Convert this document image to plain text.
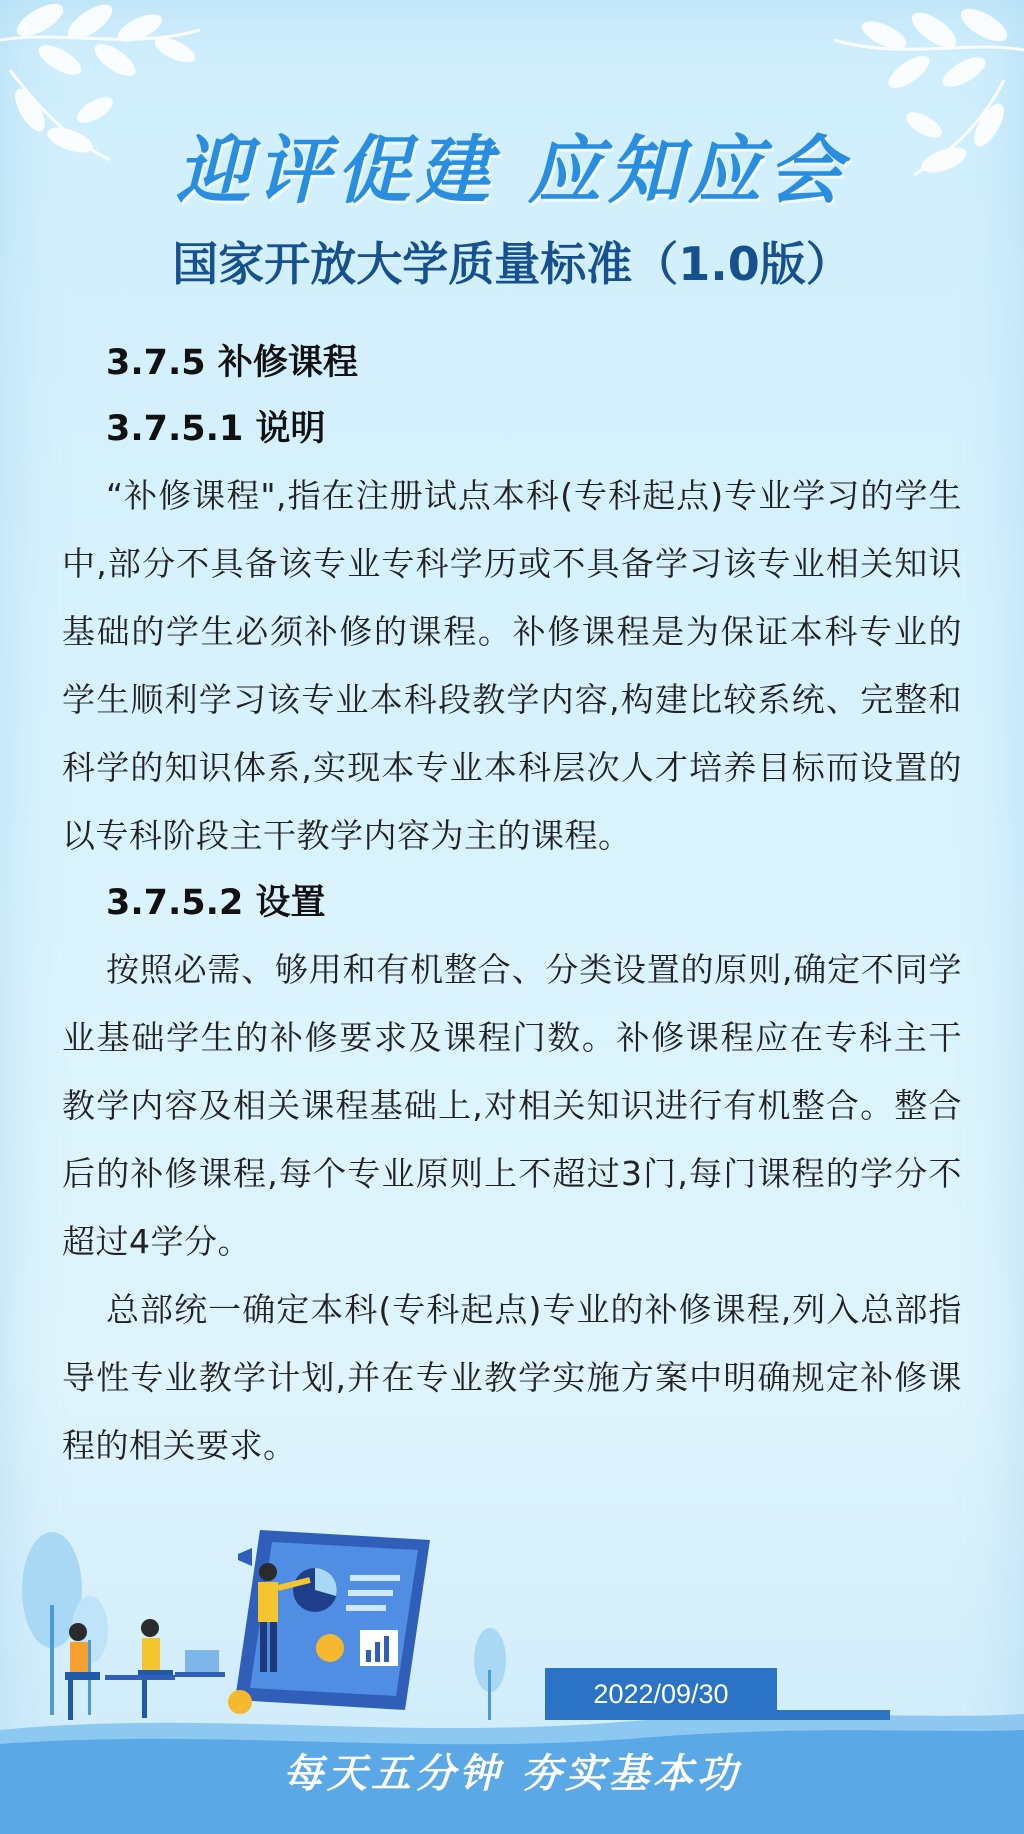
迎评促建 应知应会
国家开放大学质量标准（1.0版）

3.7.5 补修课程

3.7.5.1 说明

“补修课程",指在注册试点本科(专科起点)专业学习的学生中,部分不具备该专业专科学历或不具备学习该专业相关知识基础的学生必须补修的课程。补修课程是为保证本科专业的学生顺利学习该专业本科段教学内容,构建比较系统、完整和科学的知识体系,实现本专业本科层次人才培养目标而设置的以专科阶段主干教学内容为主的课程。

3.7.5.2 设置

按照必需、够用和有机整合、分类设置的原则,确定不同学业基础学生的补修要求及课程门数。补修课程应在专科主干教学内容及相关课程基础上,对相关知识进行有机整合。整合后的补修课程,每个专业原则上不超过3门,每门课程的学分不超过4学分。

总部统一确定本科(专科起点)专业的补修课程,列入总部指导性专业教学计划,并在专业教学实施方案中明确规定补修课程的相关要求。

2022/09/30

每天五分钟 夯实基本功
